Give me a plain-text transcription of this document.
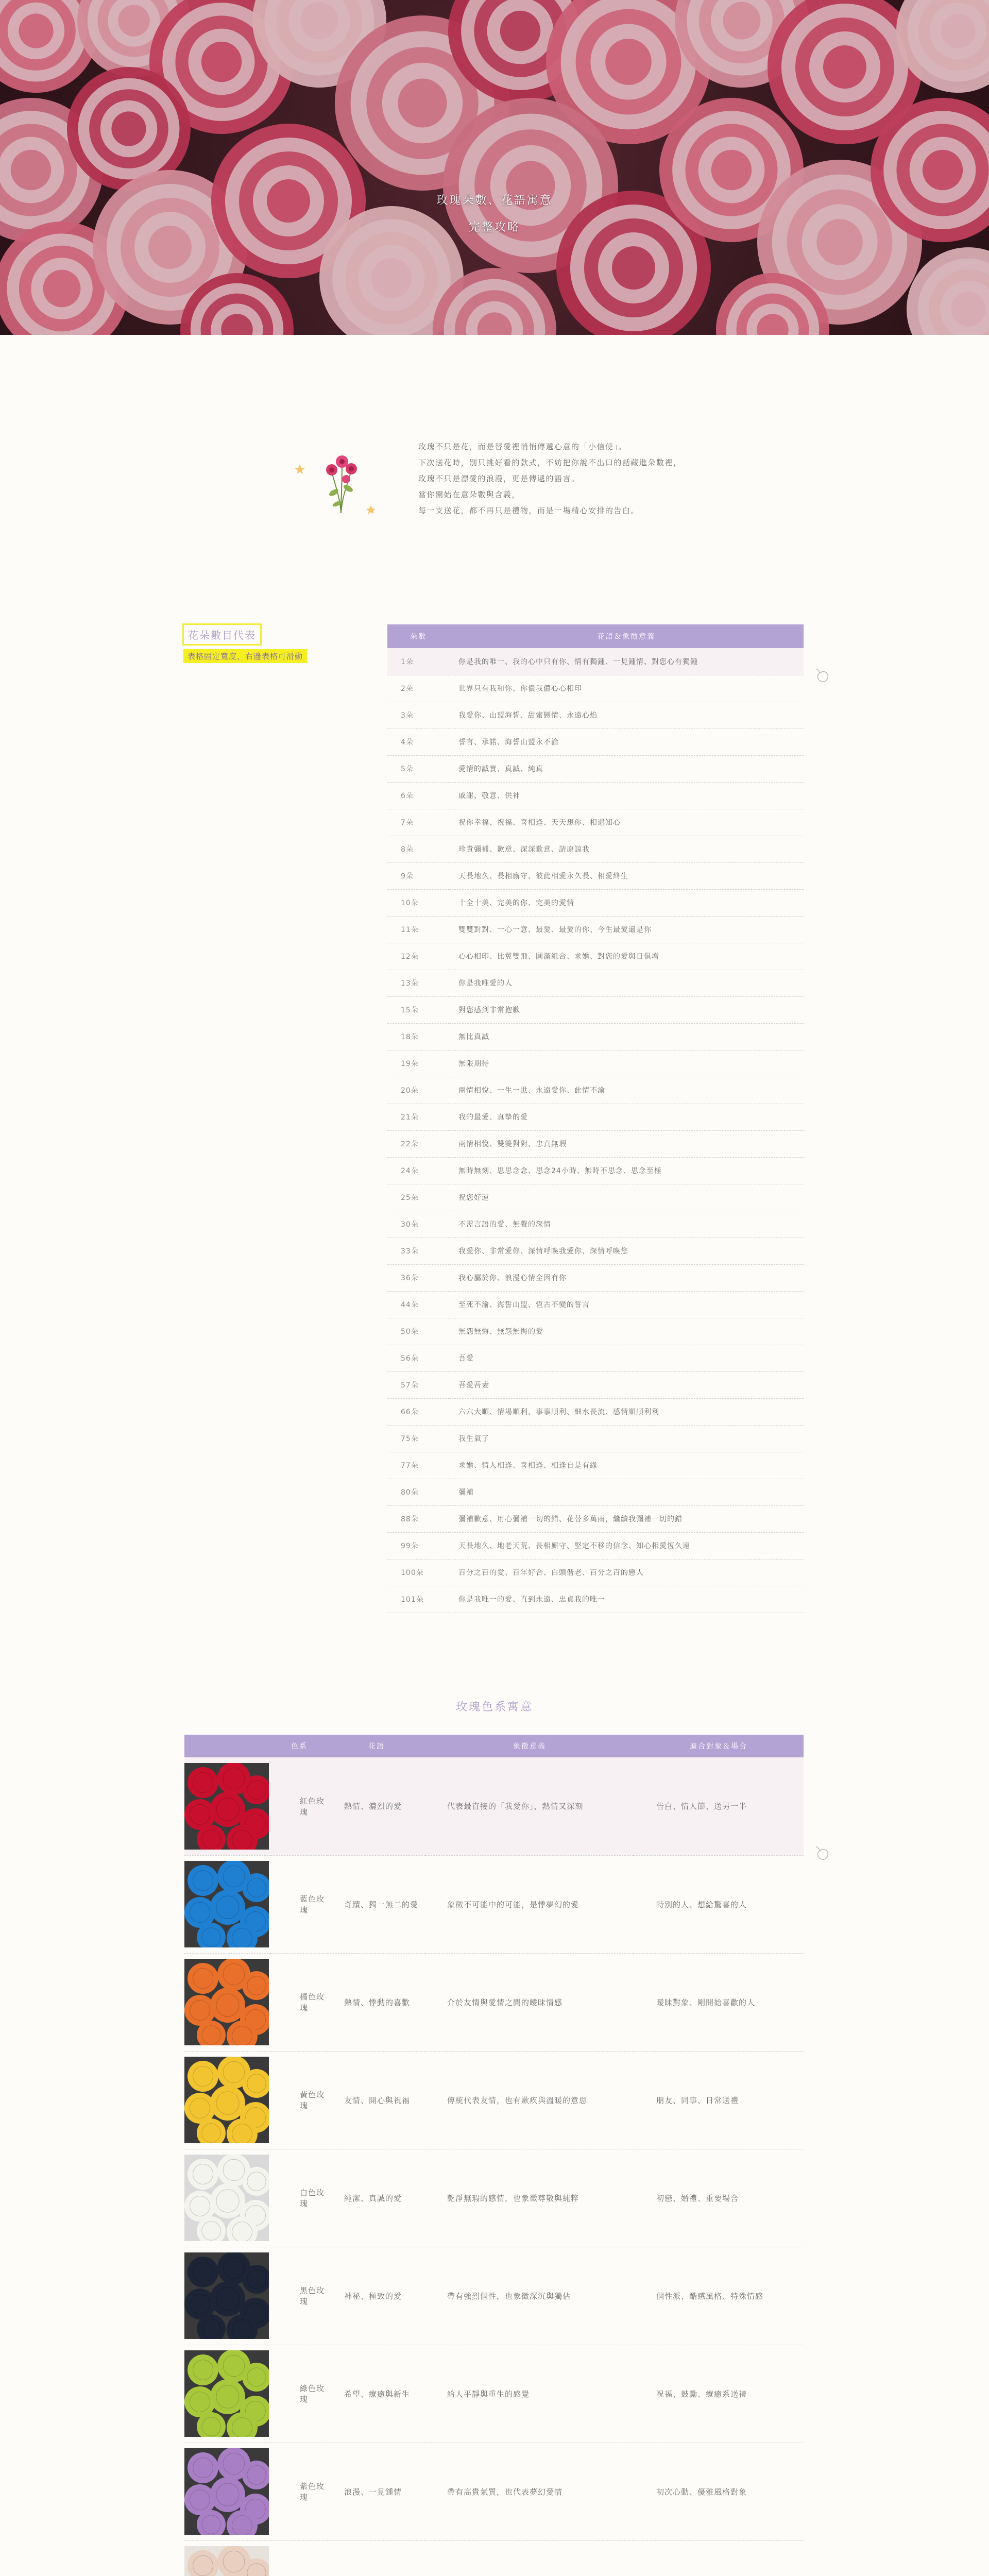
玫瑰朵數、花語寓意
完整攻略
玫瑰不只是花，而是替愛裡悄悄傳遞心意的「小信使」。
下次送花時，別只挑好看的款式，不妨把你說不出口的話藏進朵數裡，
玫瑰不只是漂愛的浪漫，更是傳遞的語言。
當你開始在意朵數與含義，
每一支送花，都不再只是禮物，而是一場精心安排的告白。
花朵數目代表
表格固定寬度，右邊表格可滑動
朵數	花語＆象徵意義
1朵	你是我的唯一、我的心中只有你、情有獨鍾、一見鍾情、對您心有獨鍾
2朵	世界只有我和你、你儂我儂心心相印
3朵	我愛你、山盟海誓、甜蜜戀情、永遠心焰
4朵	誓言、承諾、海誓山盟永不渝
5朵	愛情的誠實、真誠、純真
6朵	戚謝、敬意、供神
7朵	祝你幸福、祝福、喜相逢、天天想你、相遇知心
8朵	珍貴彌補、歉意、深深歉意、請原諒我
9朵	天長地久、長相廝守、彼此相愛永久長、相愛終生
10朵	十全十美、完美的你、完美的愛情
11朵	雙雙對對、一心一意、最愛、最愛的你、今生最愛還是你
12朵	心心相印、比翼雙飛、圓滿組合、求婚、對您的愛與日俱增
13朵	你是我唯愛的人
15朵	對您感到非常抱歉
18朵	無比真誠
19朵	無限期待
20朵	兩情相悅、一生一世、永遠愛你、此情不渝
21朵	我的最愛、真摯的愛
22朵	兩情相悅、雙雙對對、忠貞無瑕
24朵	無時無刻、思思念念、思念24小時、無時不思念、思念至極
25朵	祝您好運
30朵	不需言語的愛、無聲的深情
33朵	我愛你、非常愛你、深情呼喚我愛你、深情呼喚您
36朵	我心屬於你、浪漫心情全因有你
44朵	至死不渝、海誓山盟、恆古不變的誓言
50朵	無怨無悔、無怨無悔的愛
56朵	吾愛
57朵	吾愛吾妻
66朵	六六大順、情場順利、事事順利、細水長流、感情順順利利
75朵	我生氣了
77朵	求婚、情人相逢、喜相逢、相逢自是有緣
80朵	彌補
88朵	彌補歉意、用心彌補一切的錯、花替多萬雨，繼續我彌補一切的錯
99朵	天長地久、地老天荒、長相廝守、堅定不移的信念、知心相愛恆久遠
100朵	百分之百的愛、百年好合、白頭偕老、百分之百的戀人
101朵	你是我唯一的愛、直到永遠、忠貞我的唯一
玫瑰色系寓意
	色系	花語	象徵意義	適合對象＆場合

	紅色玫瑰	熱情、濃烈的愛	代表最直接的「我愛你」，熱情又深刻	告白、情人節、送另一半

	藍色玫瑰	奇蹟、獨一無二的愛	象徵不可能中的可能，是悸夢幻的愛	特別的人、想給驚喜的人

	橘色玫瑰	熱情、悸動的喜歡	介於友情與愛情之間的曖昧情感	曖昧對象、剛開始喜歡的人

	黃色玫瑰	友情、開心與祝福	傳統代表友情，也有歉疚與溫暖的意思	朋友、同事、日常送禮

	白色玫瑰	純潔、真誠的愛	乾淨無瑕的感情，也象徵尊敬與純粹	初戀、婚禮、重要場合

	黑色玫瑰	神秘、極致的愛	帶有強烈個性，也象徵深沉與獨佔	個性派、酷感風格、特殊情感

	綠色玫瑰	希望、療癒與新生	給人平靜與重生的感覺	祝福、鼓勵、療癒系送禮

	紫色玫瑰	浪漫、一見鍾情	帶有高貴氣質，也代表夢幻愛情	初次心動、優雅風格對象
